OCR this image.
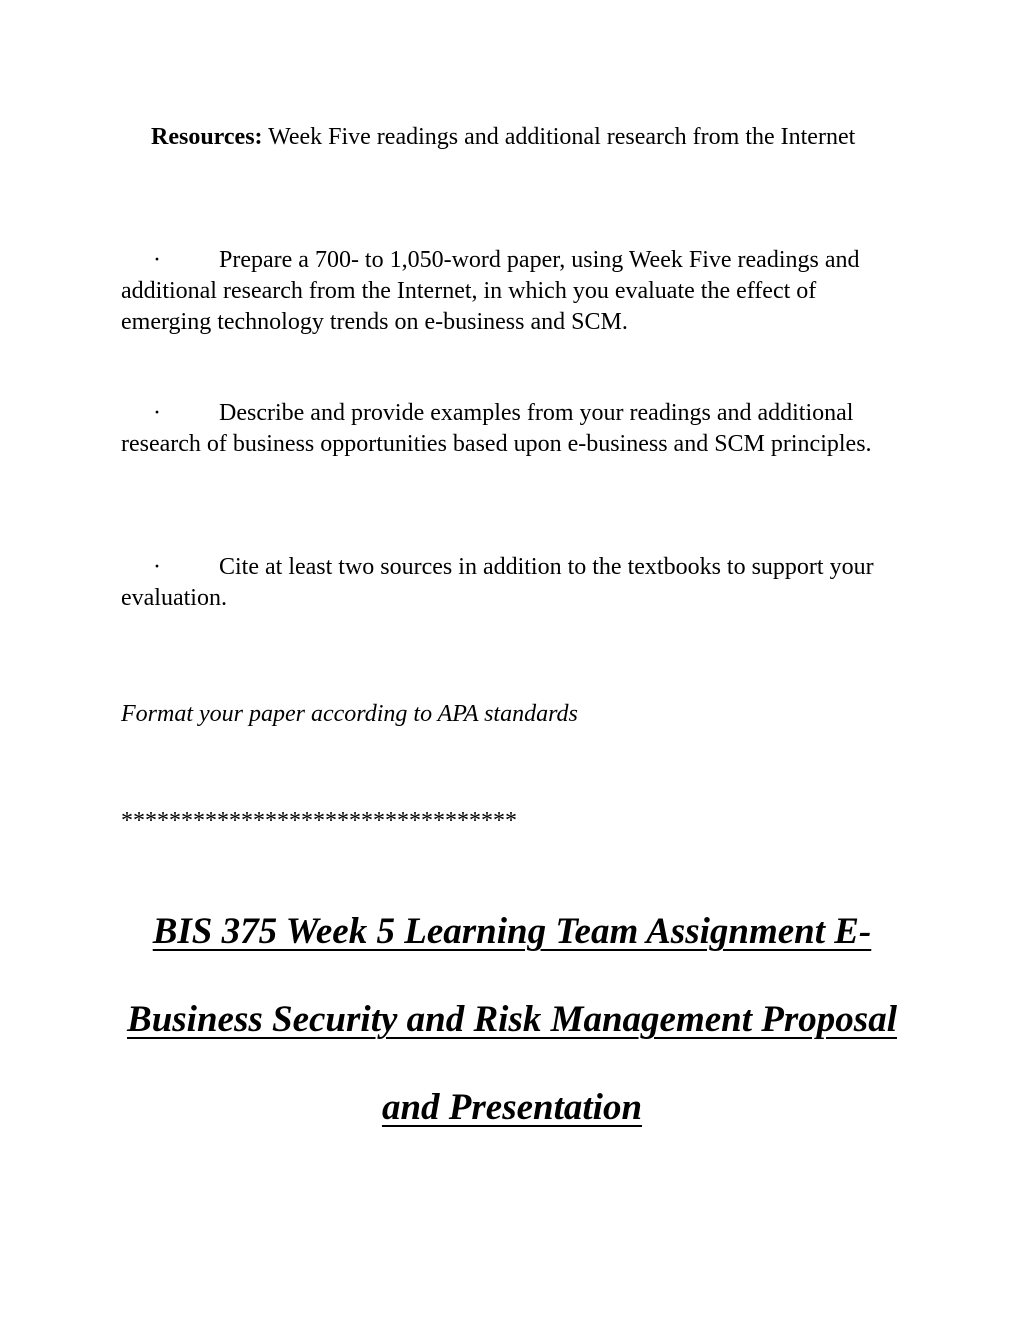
Resources: Week Five readings and additional research from the Internet

· Prepare a 700- to 1,050-word paper, using Week Five readings and additional research from the Internet, in which you evaluate the effect of emerging technology trends on e-business and SCM.

· Describe and provide examples from your readings and additional research of business opportunities based upon e-business and SCM principles.

· Cite at least two sources in addition to the textbooks to support your evaluation.

Format your paper according to APA standards

*********************************

BIS 375 Week 5 Learning Team Assignment E-
Business Security and Risk Management Proposal
and Presentation
